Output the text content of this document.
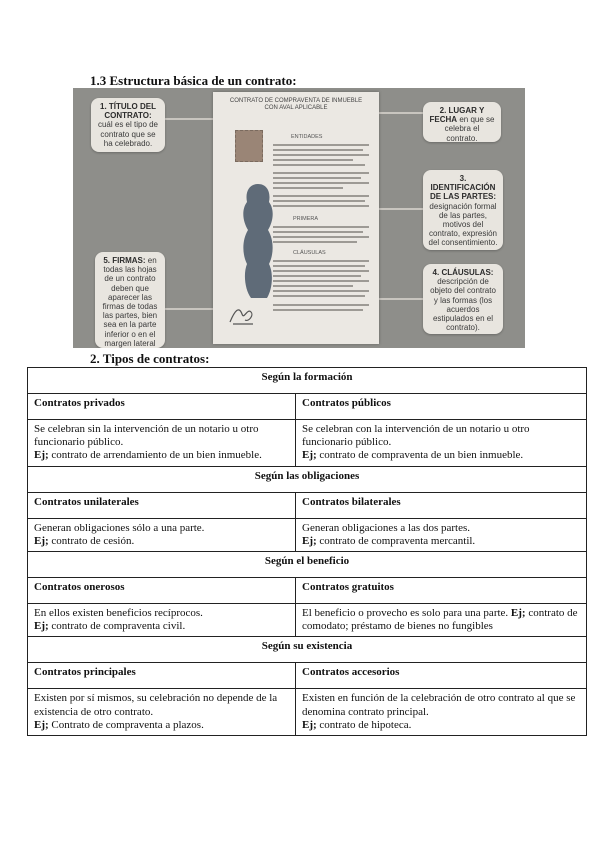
1.3 Estructura básica de un contrato:
CONTRATO DE COMPRAVENTA DE INMUEBLE CON AVAL APLICABLE
ENTIDADES
PRIMERA
CLÁUSULAS
1. TÍTULO DEL CONTRATO: cuál es el tipo de contrato que se ha celebrado.
2. LUGAR Y FECHA en que se celebra el contrato.
3. IDENTIFICACIÓN DE LAS PARTES: designación formal de las partes, motivos del contrato, expresión del consentimiento.
4. CLÁUSULAS: descripción de objeto del contrato y las formas (los acuerdos estipulados en el contrato).
5. FIRMAS: en todas las hojas de un contrato deben que aparecer las firmas de todas las partes, bien sea en la parte inferior o en el margen lateral
2. Tipos de contratos:
Según la formación	
Contratos privados	Contratos públicos
Se celebran sin la intervención de un notario u otro funcionario público.
Ej; contrato de arrendamiento de un bien inmueble.	Se celebran con la intervención de un notario u otro funcionario público.
Ej; contrato de compraventa de un bien inmueble.
Según las obligaciones	
Contratos unilaterales	Contratos bilaterales
Generan obligaciones sólo a una parte.
Ej; contrato de cesión.	Generan obligaciones a las dos partes.
Ej; contrato de compraventa mercantil.
Según el beneficio	
Contratos onerosos	Contratos gratuitos
En ellos existen beneficios recíprocos.
Ej; contrato de compraventa civil.	El beneficio o provecho es solo para una parte. Ej; contrato de comodato; préstamo de bienes no fungibles
Según su existencia	
Contratos principales	Contratos accesorios
Existen por sí mismos, su celebración no depende de la existencia de otro contrato.
Ej; Contrato de compraventa a plazos.	Existen en función de la celebración de otro contrato al que se denomina contrato principal.
Ej; contrato de hipoteca.
